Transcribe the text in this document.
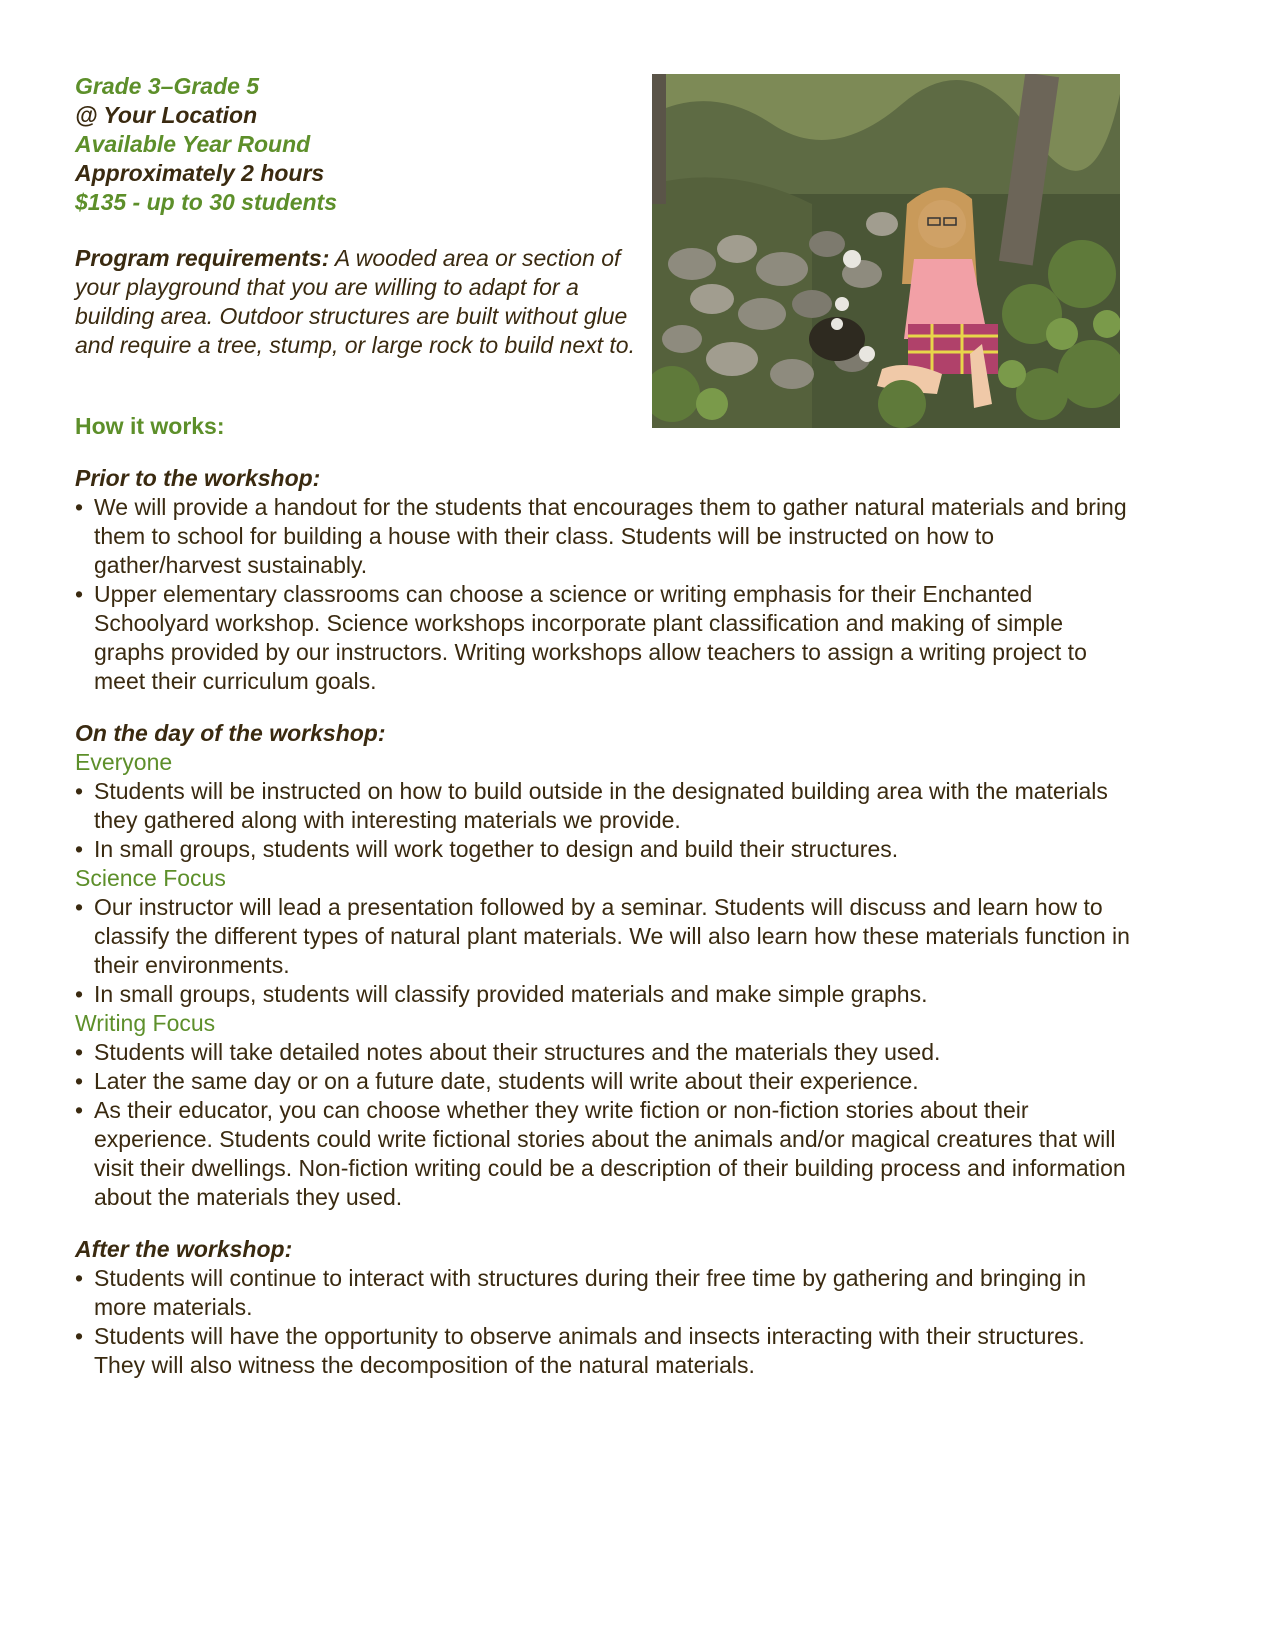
Grade 3–Grade 5
@ Your Location
Available Year Round
Approximately 2 hours
$135 - up to 30 students
Program requirements: A wooded area or section of your playground that you are willing to adapt for a building area. Outdoor structures are built without glue and require a tree, stump, or large rock to build next to.
How it works:
Prior to the workshop:
• We will provide a handout for the students that encourages them to gather natural materials and bring them to school for building a house with their class. Students will be instructed on how to gather/harvest sustainably.
• Upper elementary classrooms can choose a science or writing emphasis for their Enchanted Schoolyard workshop. Science workshops incorporate plant classification and making of simple graphs provided by our instructors. Writing workshops allow teachers to assign a writing project to meet their curriculum goals.
On the day of the workshop:
Everyone
• Students will be instructed on how to build outside in the designated building area with the materials they gathered along with interesting materials we provide.
• In small groups, students will work together to design and build their structures.
Science Focus
• Our instructor will lead a presentation followed by a seminar. Students will discuss and learn how to classify the different types of natural plant materials. We will also learn how these materials function in their environments.
• In small groups, students will classify provided materials and make simple graphs.
Writing Focus
• Students will take detailed notes about their structures and the materials they used.
• Later the same day or on a future date, students will write about their experience.
• As their educator, you can choose whether they write fiction or non-fiction stories about their experience. Students could write fictional stories about the animals and/or magical creatures that will visit their dwellings. Non-fiction writing could be a description of their building process and information about the materials they used.
After the workshop:
• Students will continue to interact with structures during their free time by gathering and bringing in more materials.
• Students will have the opportunity to observe animals and insects interacting with their structures. They will also witness the decomposition of the natural materials.
